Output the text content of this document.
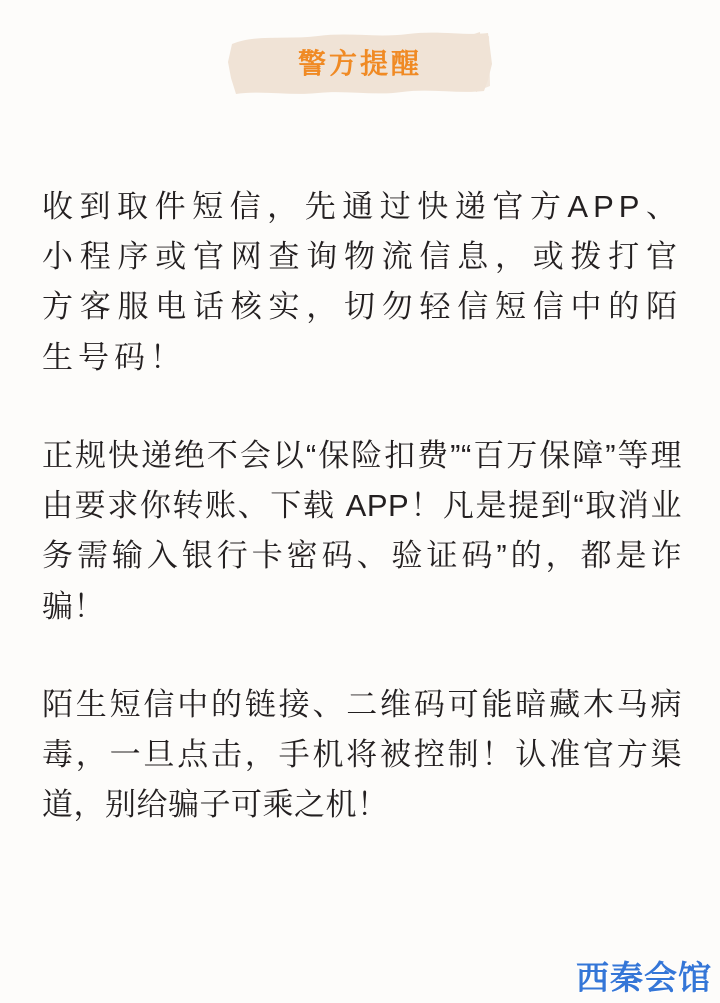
警方提醒

收到取件短信，先通过快递官方APP、小程序或官网查询物流信息，或拨打官方客服电话核实，切勿轻信短信中的陌生号码！

正规快递绝不会以“保险扣费”“百万保障”等理由要求你转账、下载 APP！凡是提到“取消业务需输入银行卡密码、验证码”的，都是诈骗！

陌生短信中的链接、二维码可能暗藏木马病毒，一旦点击，手机将被控制！认准官方渠道，别给骗子可乘之机！

西秦会馆
